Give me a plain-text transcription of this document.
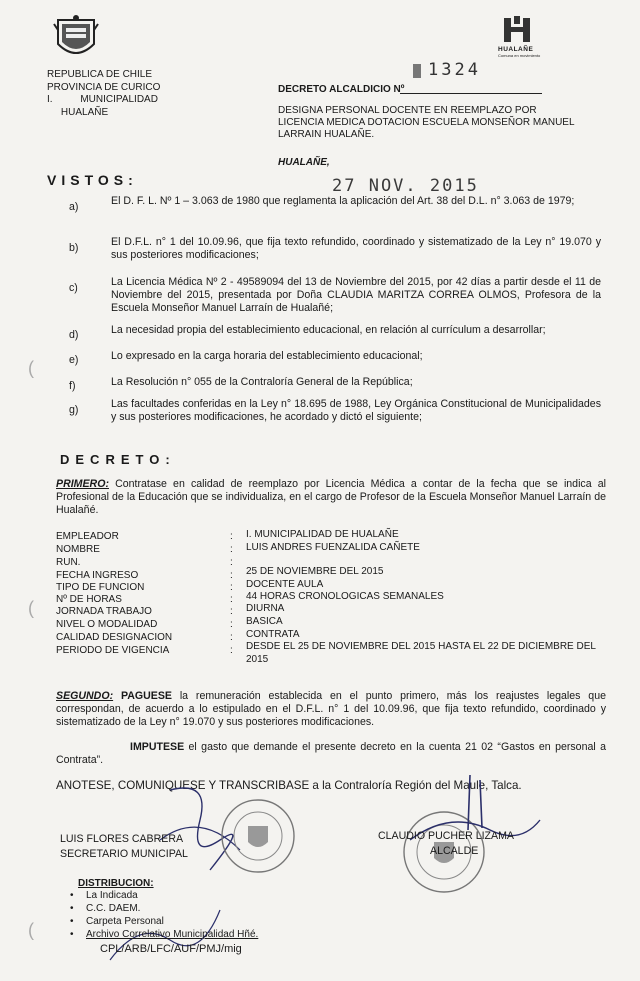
REPUBLICA DE CHILE
PROVINCIA DE CURICO
I.          MUNICIPALIDAD
HUALAÑE
HUALAÑE
Comuna en movimiento
DECRETO ALCALDICIO Nº
1324
DESIGNA PERSONAL DOCENTE EN REEMPLAZO POR LICENCIA MEDICA DOTACION ESCUELA MONSEÑOR MANUEL LARRAIN HUALAÑE.
HUALAÑE,
27 NOV. 2015
VISTOS:
a)	El D. F. L. Nº 1 – 3.063 de 1980 que reglamenta la aplicación del Art. 38 del D.L. n° 3.063 de 1979;
b)	El D.F.L. n° 1 del 10.09.96, que fija texto refundido, coordinado y sistematizado de la Ley n° 19.070 y sus posteriores modificaciones;
c)	La Licencia Médica Nº 2 - 49589094 del 13 de Noviembre del 2015, por 42 días a partir desde el 11 de Noviembre del 2015, presentada por Doña CLAUDIA MARITZA CORREA OLMOS, Profesora de la Escuela Monseñor Manuel Larraín de Hualañé;
d)	La necesidad propia del establecimiento educacional, en relación al currículum a desarrollar;
e)	Lo expresado en la carga horaria del establecimiento educacional;
f)	La Resolución n° 055 de la Contraloría General de la República;
g)	Las facultades conferidas en la Ley n° 18.695 de 1988, Ley Orgánica Constitucional de Municipalidades y sus posteriores modificaciones, he acordado y dictó el siguiente;
DECRETO:
PRIMERO: Contratase en calidad de reemplazo por Licencia Médica a contar de la fecha que se indica al Profesional de la Educación que se individualiza, en el cargo de Profesor de la Escuela Monseñor Manuel Larraín de Hualañé.
EMPLEADOR	: I. MUNICIPALIDAD DE HUALAÑE
NOMBRE	: LUIS ANDRES FUENZALIDA CAÑETE
RUN.	:
FECHA INGRESO	: 25 DE NOVIEMBRE DEL 2015
TIPO DE FUNCION	: DOCENTE AULA
Nº DE HORAS	: 44 HORAS CRONOLOGICAS SEMANALES
JORNADA TRABAJO	: DIURNA
NIVEL O MODALIDAD	: BASICA
CALIDAD DESIGNACION	: CONTRATA
PERIODO DE VIGENCIA	: DESDE EL 25 DE NOVIEMBRE DEL 2015 HASTA EL 22 DE DICIEMBRE DEL 2015
SEGUNDO: PAGUESE la remuneración establecida en el punto primero, más los reajustes legales que correspondan, de acuerdo a lo estipulado en el D.F.L. n° 1 del 10.09.96, que fija texto refundido, coordinado y sistematizado de la Ley n° 19.070 y sus posteriores modificaciones.
IMPUTESE el gasto que demande el presente decreto en la cuenta 21 02 “Gastos en personal a Contrata”.
ANOTESE, COMUNIQUESE Y TRANSCRIBASE a la Contraloría Región del Maule, Talca.
LUIS FLORES CABRERA
SECRETARIO MUNICIPAL
CLAUDIO PUCHER LIZAMA
ALCALDE
DISTRIBUCION:
• La Indicada
• C.C. DAEM.
• Carpeta Personal
• Archivo Correlativo Municipalidad Hñé.
CPL/ARB/LFC/AUF/PMJ/mig
(
(
(
